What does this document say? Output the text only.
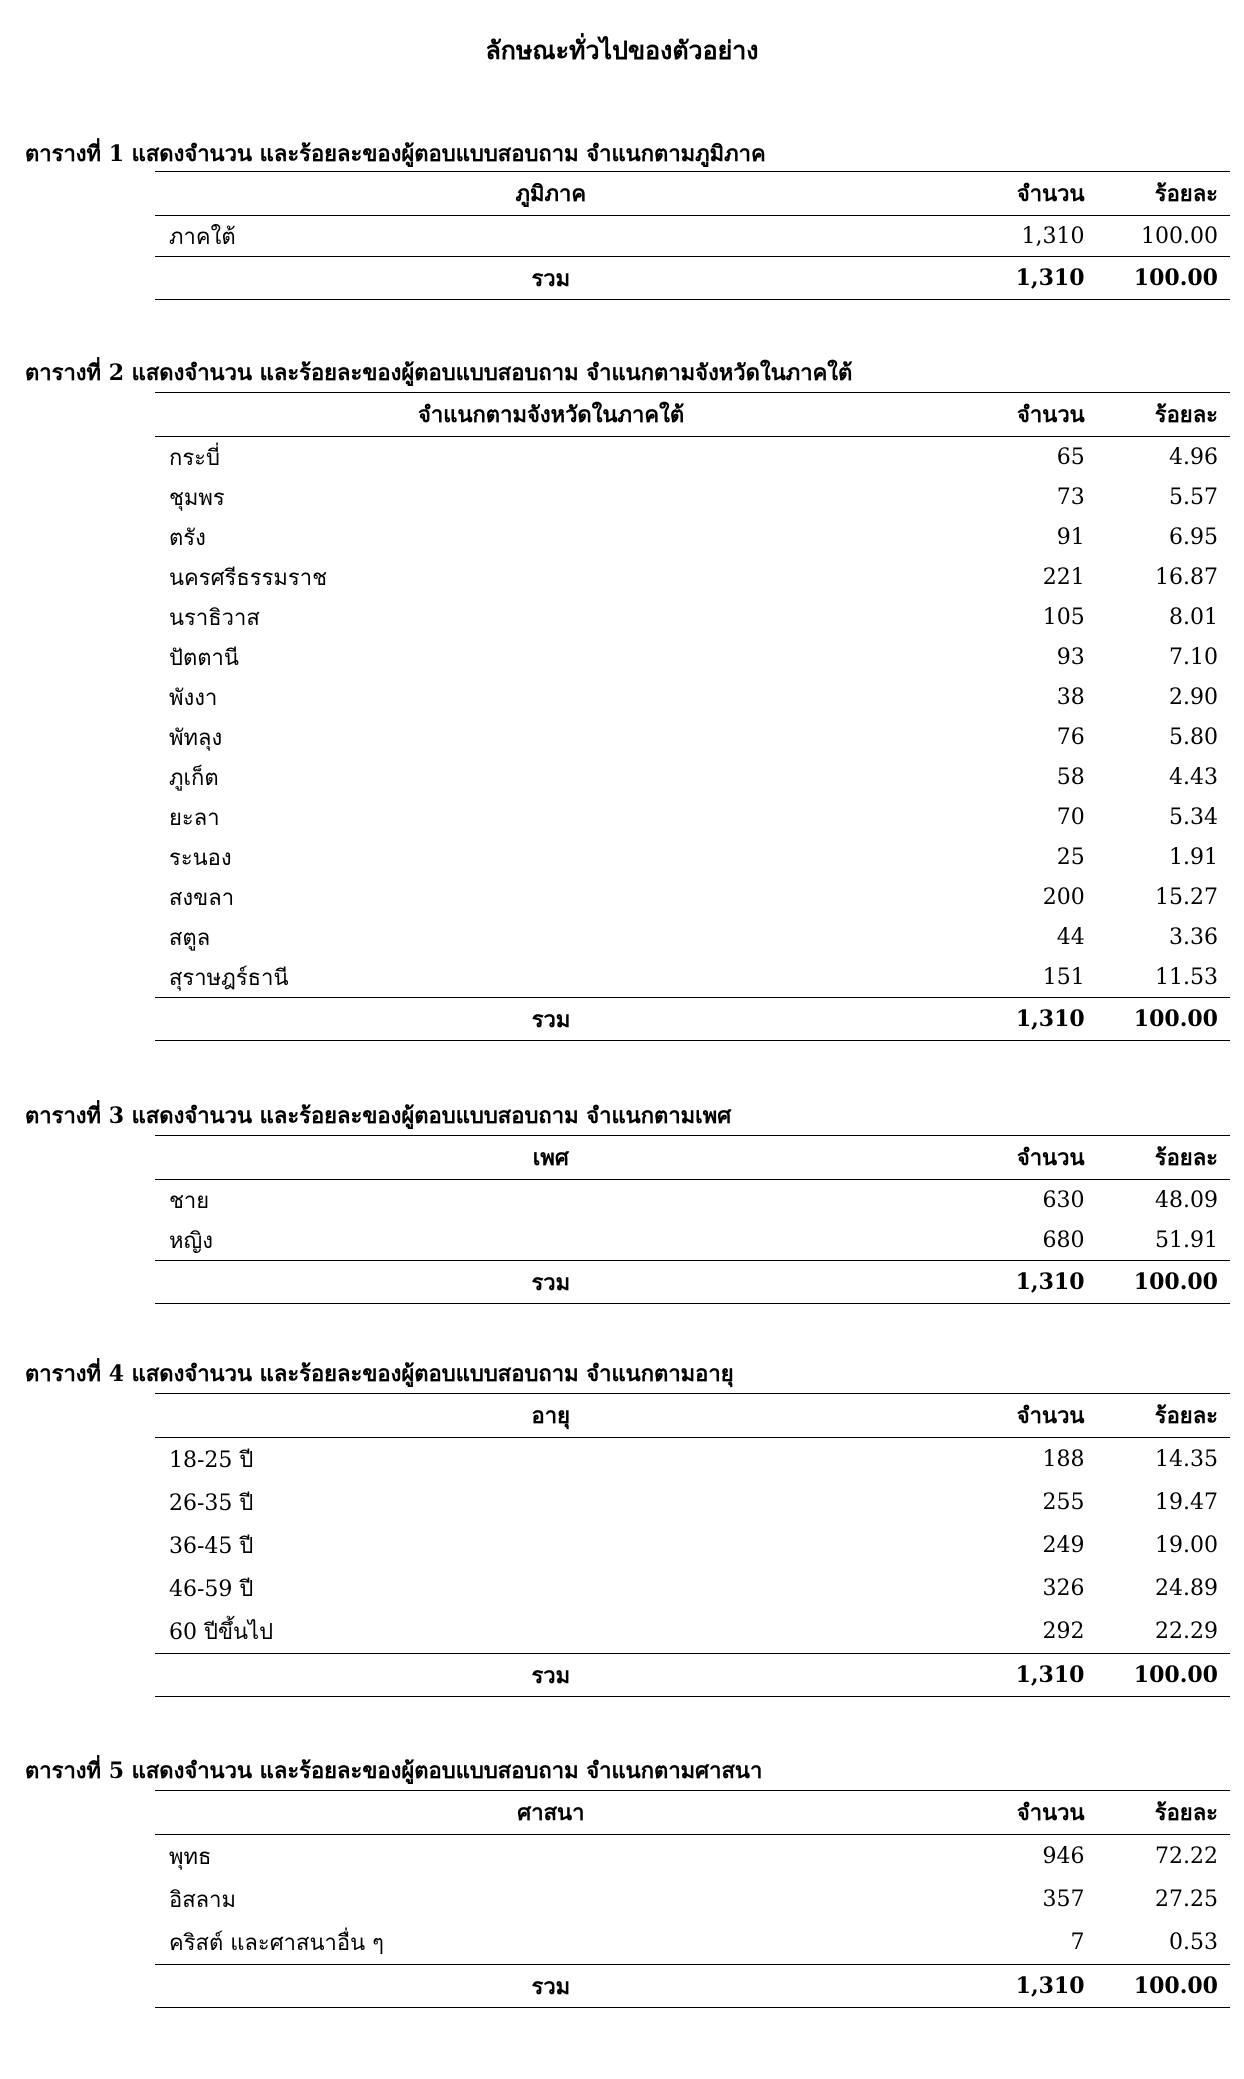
ลักษณะทั่วไปของตัวอย่าง
ตารางที่ 1 แสดงจำนวน และร้อยละของผู้ตอบแบบสอบถาม จำแนกตามภูมิภาค
ภูมิภาค	จำนวน	ร้อยละ
ภาคใต้	1,310	100.00
รวม	1,310	100.00
ตารางที่ 2 แสดงจำนวน และร้อยละของผู้ตอบแบบสอบถาม จำแนกตามจังหวัดในภาคใต้
จำแนกตามจังหวัดในภาคใต้	จำนวน	ร้อยละ
กระบี่	65	4.96
ชุมพร	73	5.57
ตรัง	91	6.95
นครศรีธรรมราช	221	16.87
นราธิวาส	105	8.01
ปัตตานี	93	7.10
พังงา	38	2.90
พัทลุง	76	5.80
ภูเก็ต	58	4.43
ยะลา	70	5.34
ระนอง	25	1.91
สงขลา	200	15.27
สตูล	44	3.36
สุราษฎร์ธานี	151	11.53
รวม	1,310	100.00
ตารางที่ 3 แสดงจำนวน และร้อยละของผู้ตอบแบบสอบถาม จำแนกตามเพศ
เพศ	จำนวน	ร้อยละ
ชาย	630	48.09
หญิง	680	51.91
รวม	1,310	100.00
ตารางที่ 4 แสดงจำนวน และร้อยละของผู้ตอบแบบสอบถาม จำแนกตามอายุ
อายุ	จำนวน	ร้อยละ
18-25 ปี	188	14.35
26-35 ปี	255	19.47
36-45 ปี	249	19.00
46-59 ปี	326	24.89
60 ปีขึ้นไป	292	22.29
รวม	1,310	100.00
ตารางที่ 5 แสดงจำนวน และร้อยละของผู้ตอบแบบสอบถาม จำแนกตามศาสนา
ศาสนา	จำนวน	ร้อยละ
พุทธ	946	72.22
อิสลาม	357	27.25
คริสต์ และศาสนาอื่น ๆ	7	0.53
รวม	1,310	100.00
